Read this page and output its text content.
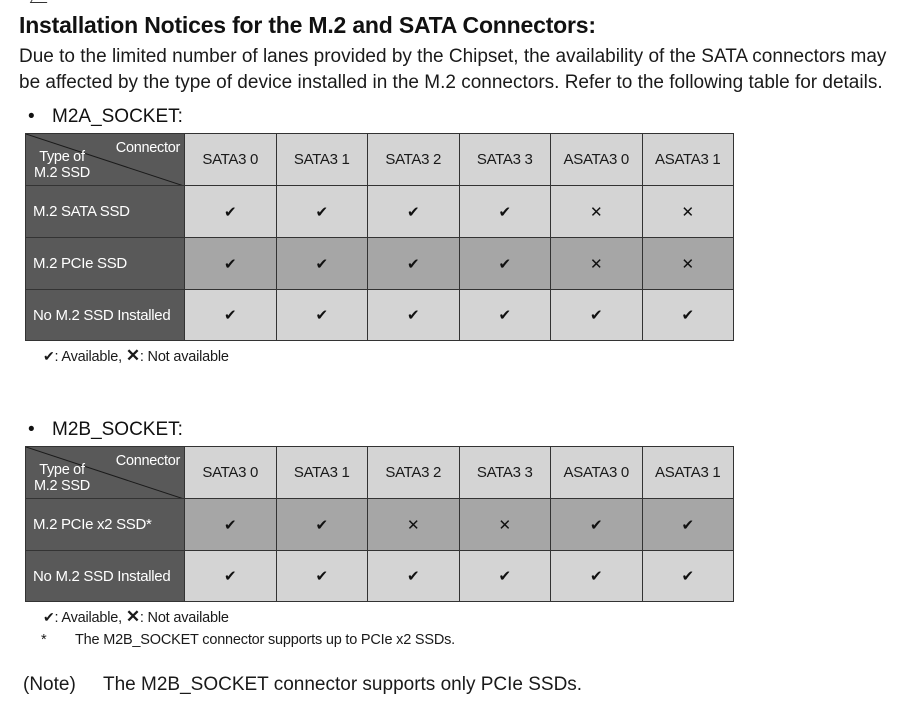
Installation Notices for the M.2 and SATA Connectors:
Due to the limited number of lanes provided by the Chipset, the availability of the SATA connectors may be affected by the type of device installed in the M.2 connectors. Refer to the following table for details.
• M2A_SOCKET:
Connector
Type of
M.2 SSD	SATA3 0	SATA3 1	SATA3 2	SATA3 3	ASATA3 0	ASATA3 1
M.2 SATA SSD	✔	✔	✔	✔	✕	✕
M.2 PCIe SSD	✔	✔	✔	✔	✕	✕
No M.2 SSD Installed	✔	✔	✔	✔	✔	✔
✔: Available, ✕: Not available
• M2B_SOCKET:
Connector
Type of
M.2 SSD	SATA3 0	SATA3 1	SATA3 2	SATA3 3	ASATA3 0	ASATA3 1
M.2 PCIe x2 SSD*	✔	✔	✕	✕	✔	✔
No M.2 SSD Installed	✔	✔	✔	✔	✔	✔
✔: Available, ✕: Not available
* The M2B_SOCKET connector supports up to PCIe x2 SSDs.
(Note) The M2B_SOCKET connector supports only PCIe SSDs.
